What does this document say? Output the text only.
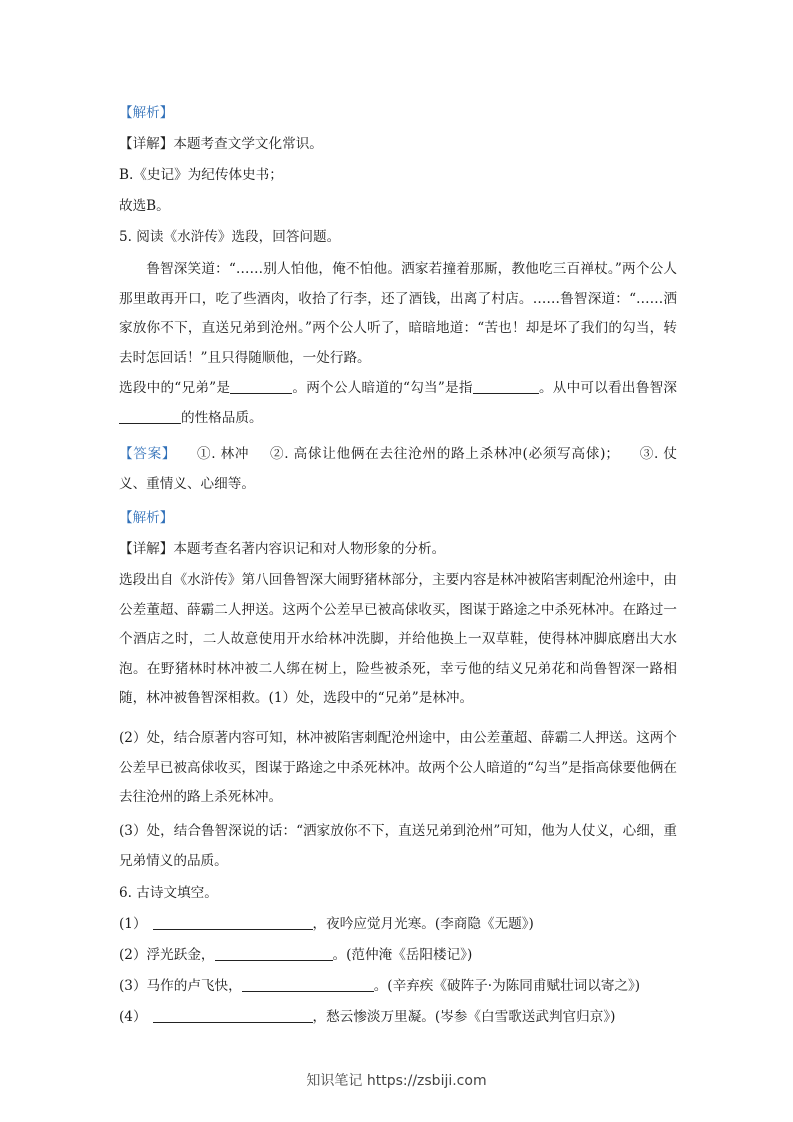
【解析】
【详解】本题考查文学文化常识。
B.《史记》为纪传体史书；
故选B。
5. 阅读《水浒传》选段，回答问题。
鲁智深笑道：“……别人怕他，俺不怕他。洒家若撞着那厮，教他吃三百禅杖。”两个公人那里敢再开口，吃了些酒肉，收拾了行李，还了酒钱，出离了村店。……鲁智深道：“……洒家放你不下，直送兄弟到沧州。”两个公人听了，暗暗地道：“苦也！却是坏了我们的勾当，转去时怎回话！”且只得随顺他，一处行路。
选段中的“兄弟”是	。两个公人暗道的“勾当”是指	。从中可以看出鲁智深的性格品质。
【答案】 ①. 林冲 ②. 高俅让他俩在去往沧州的路上杀林冲(必须写高俅)； ③. 仗义、重情义、心细等。
【解析】
【详解】本题考查名著内容识记和对人物形象的分析。
选段出自《水浒传》第八回鲁智深大闹野猪林部分，主要内容是林冲被陷害刺配沧州途中，由公差董超、薛霸二人押送。这两个公差早已被高俅收买，图谋于路途之中杀死林冲。在路过一个酒店之时，二人故意使用开水给林冲洗脚，并给他换上一双草鞋，使得林冲脚底磨出大水泡。在野猪林时林冲被二人绑在树上，险些被杀死，幸亏他的结义兄弟花和尚鲁智深一路相随，林冲被鲁智深相救。(1）处，选段中的“兄弟”是林冲。
(2）处，结合原著内容可知，林冲被陷害刺配沧州途中，由公差董超、薛霸二人押送。这两个公差早已被高俅收买，图谋于路途之中杀死林冲。故两个公人暗道的“勾当”是指高俅要他俩在去往沧州的路上杀死林冲。
(3）处，结合鲁智深说的话：“洒家放你不下，直送兄弟到沧州”可知，他为人仗义，心细，重兄弟情义的品质。
6. 古诗文填空。
(1）	，夜吟应觉月光寒。(李商隐《无题》)
(2）浮光跃金，	。(范仲淹《岳阳楼记》)
(3）马作的卢飞快，	。(辛弃疾《破阵子·为陈同甫赋壮词以寄之》)
(4）	，愁云惨淡万里凝。(岑参《白雪歌送武判官归京》)
知识笔记 https://zsbiji.com
